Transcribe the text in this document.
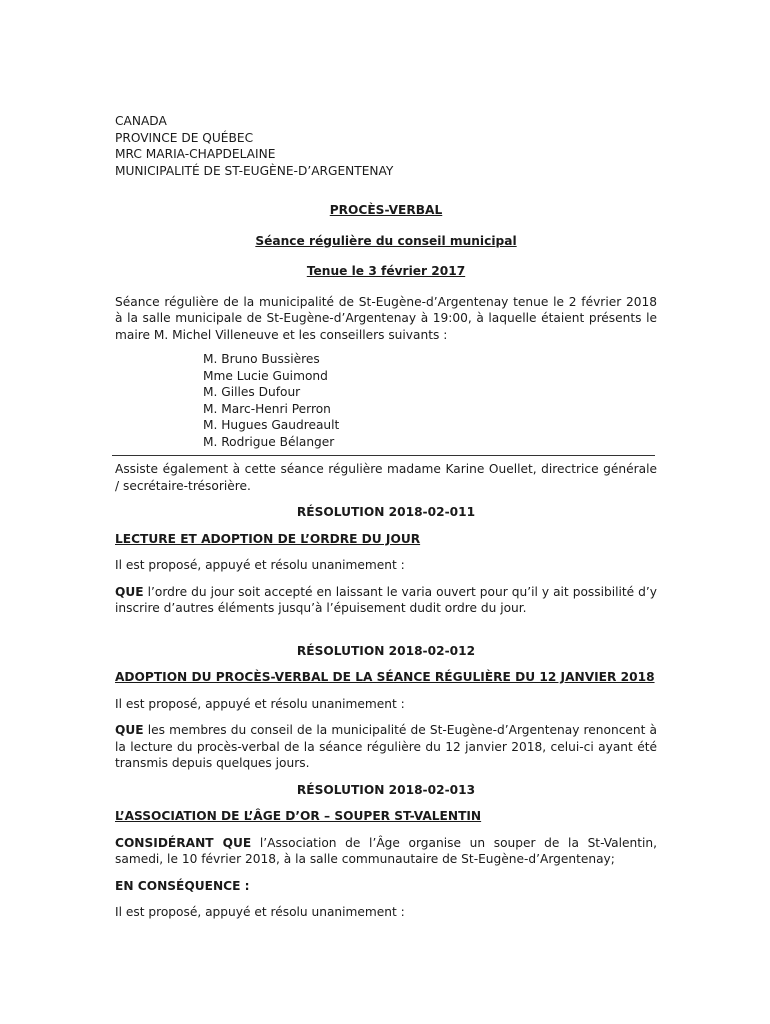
CANADA
PROVINCE DE QUÉBEC
MRC MARIA-CHAPDELAINE
MUNICIPALITÉ DE ST-EUGÈNE-D’ARGENTENAY
PROCÈS-VERBAL
Séance régulière du conseil municipal
Tenue le 3 février 2017

Séance régulière de la municipalité de St-Eugène-d’Argentenay tenue le 2 février 2018 à la salle municipale de St-Eugène-d’Argentenay à 19:00, à laquelle étaient présents le maire M. Michel Villeneuve et les conseillers suivants :

M. Bruno Bussières
Mme Lucie Guimond
M. Gilles Dufour
M. Marc-Henri Perron
M. Hugues Gaudreault
M. Rodrigue Bélanger

Assiste également à cette séance régulière madame Karine Ouellet, directrice générale / secrétaire-trésorière.

RÉSOLUTION 2018-02-011
LECTURE ET ADOPTION DE L’ORDRE DU JOUR

Il est proposé, appuyé et résolu unanimement :

QUE l’ordre du jour soit accepté en laissant le varia ouvert pour qu’il y ait possibilité d’y inscrire d’autres éléments jusqu’à l’épuisement dudit ordre du jour.

RÉSOLUTION 2018-02-012
ADOPTION DU PROCÈS-VERBAL DE LA SÉANCE RÉGULIÈRE DU 12 JANVIER 2018

Il est proposé, appuyé et résolu unanimement :

QUE les membres du conseil de la municipalité de St-Eugène-d’Argentenay renoncent à la lecture du procès-verbal de la séance régulière du 12 janvier 2018, celui-ci ayant été transmis depuis quelques jours.

RÉSOLUTION 2018-02-013
L’ASSOCIATION DE L’ÂGE D’OR – SOUPER ST-VALENTIN

CONSIDÉRANT QUE l’Association de l’Âge organise un souper de la St-Valentin, samedi, le 10 février 2018, à la salle communautaire de St-Eugène-d’Argentenay;

EN CONSÉQUENCE :

Il est proposé, appuyé et résolu unanimement :
